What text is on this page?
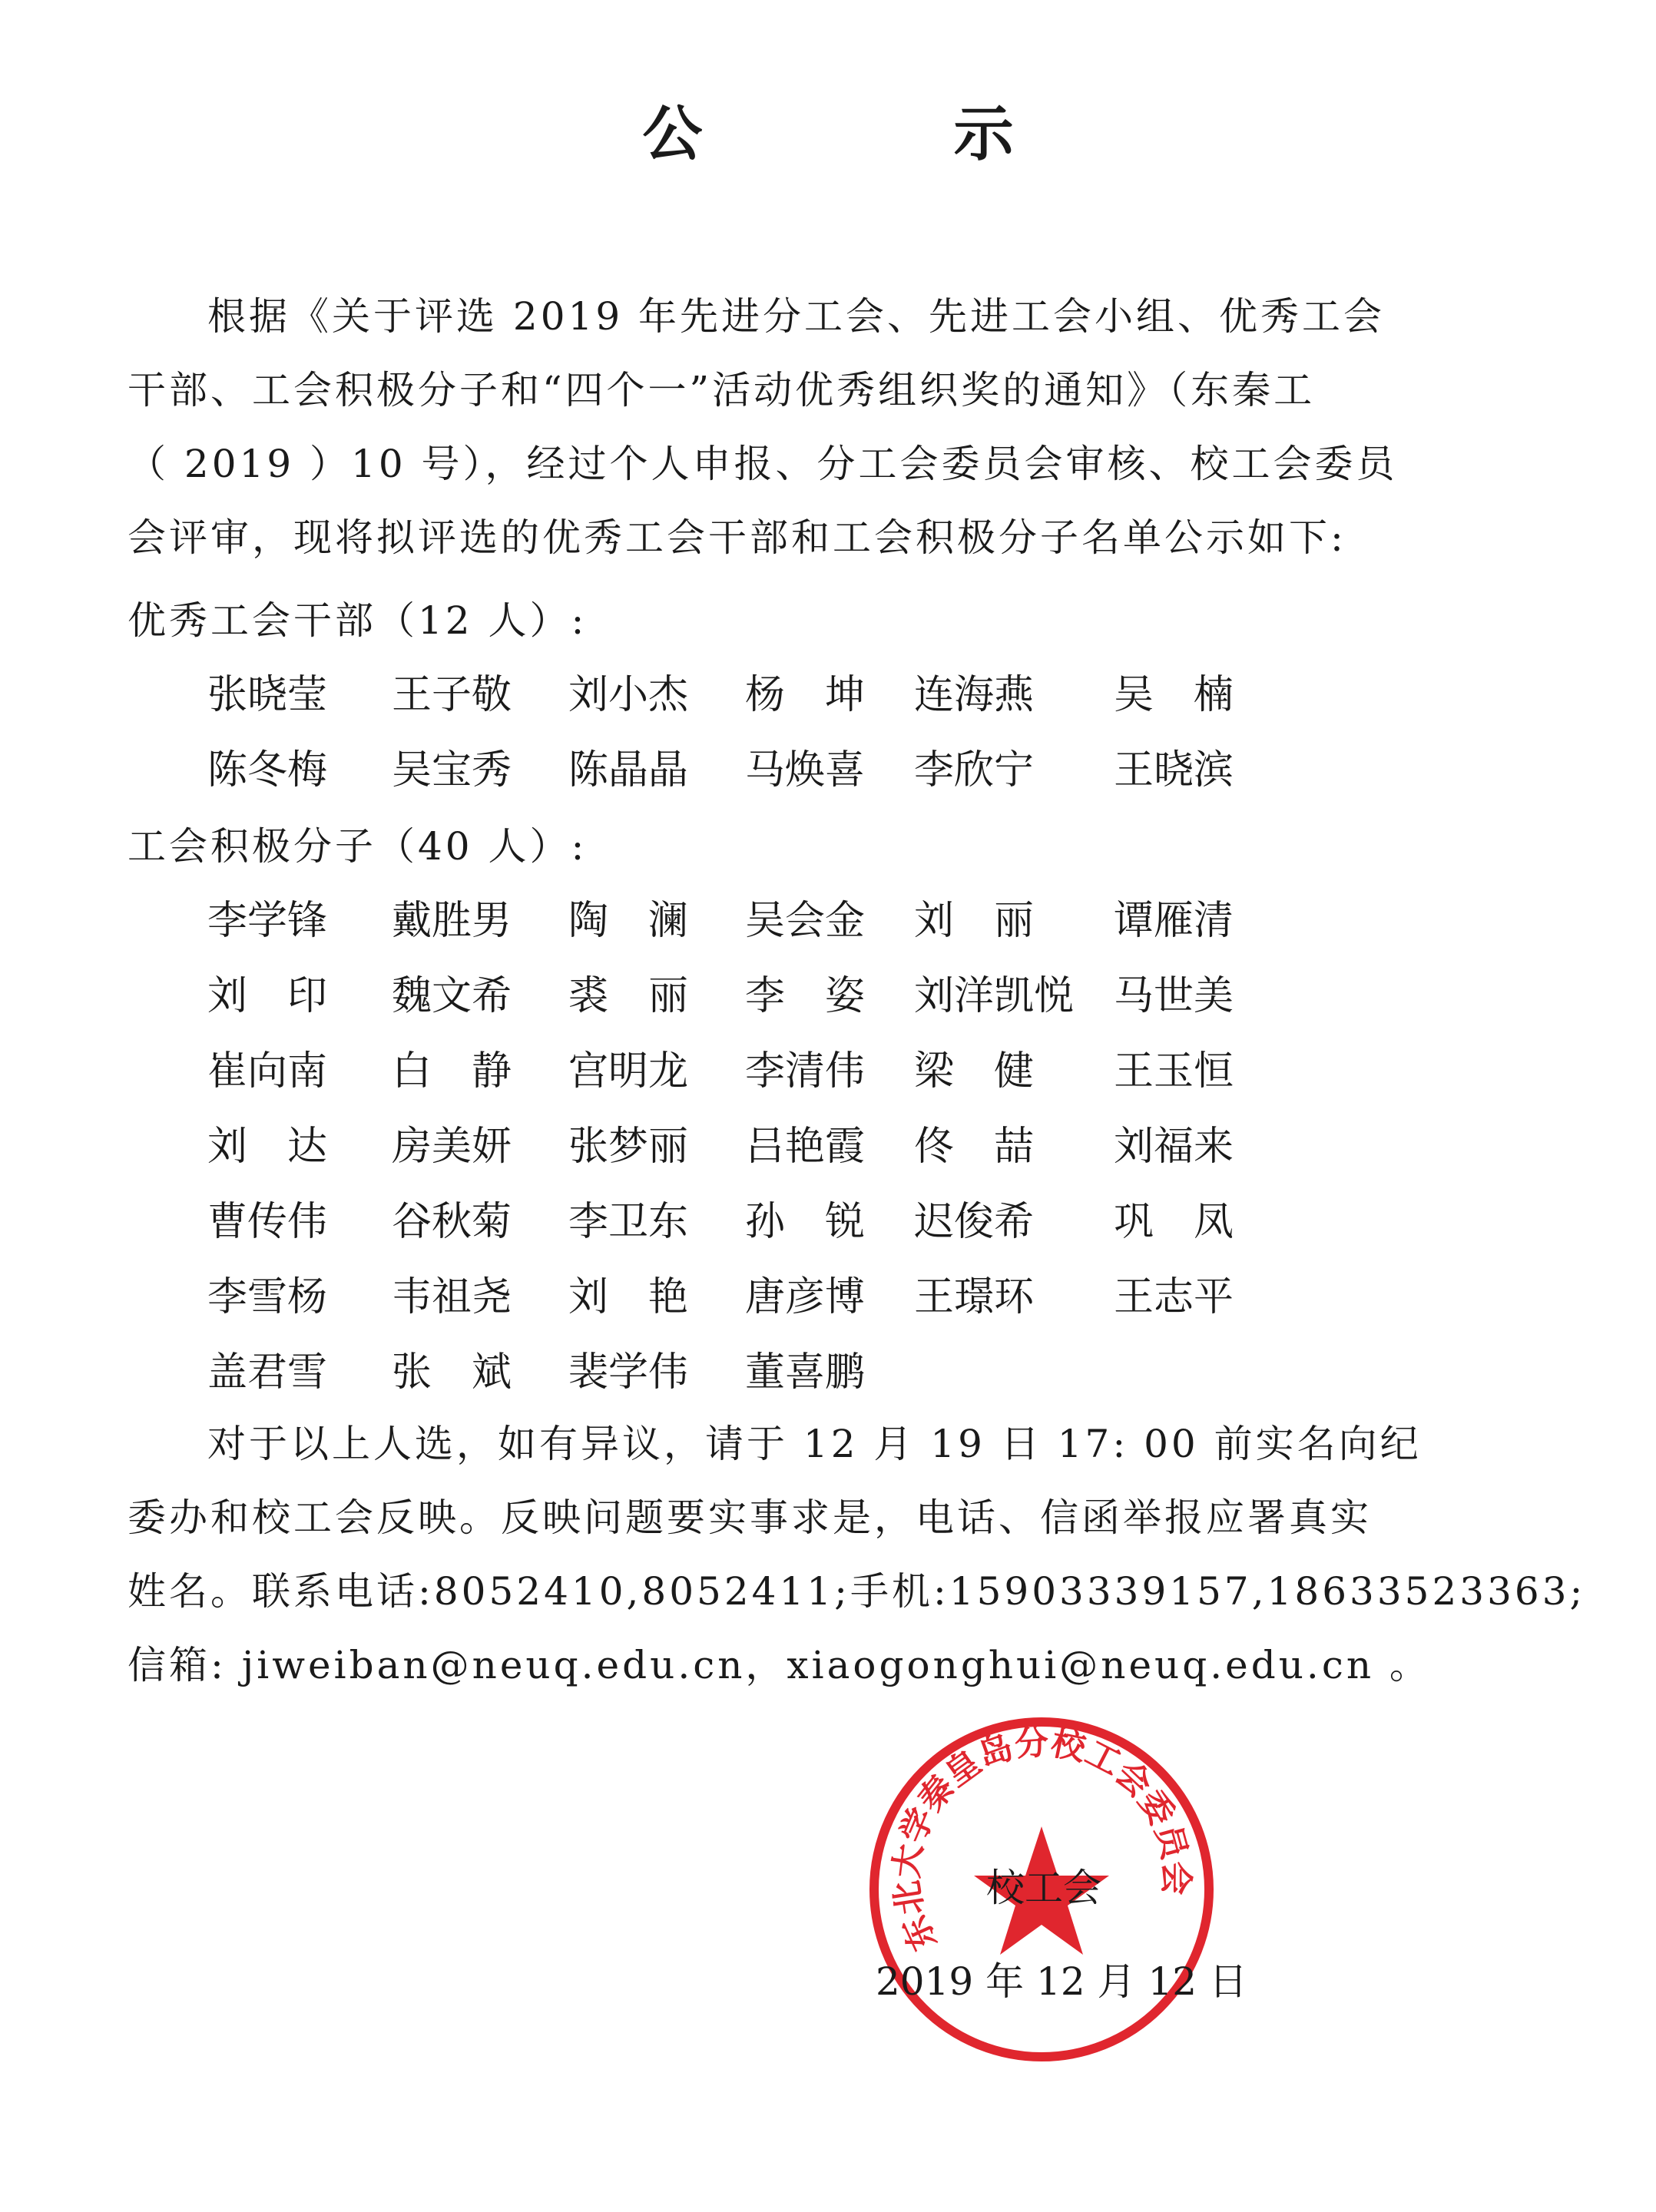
公 示
根据《关于评选 2019 年先进分工会、先进工会小组、优秀工会
干部、工会积极分子和“四个一”活动优秀组织奖的通知》（东秦工
（ 2019 ）10 号），经过个人申报、分工会委员会审核、校工会委员
会评审，现将拟评选的优秀工会干部和工会积极分子名单公示如下:
优秀工会干部（12 人）:
张晓莹 王子敬 刘小杰 杨　坤 连海燕 吴　楠
陈冬梅 吴宝秀 陈晶晶 马焕喜 李欣宁 王晓滨
工会积极分子（40 人）:
李学锋 戴胜男 陶　澜 吴会金 刘　丽 谭雁清
刘　印 魏文希 裘　丽 李　姿 刘洋凯悦 马世美
崔向南 白　静 宫明龙 李清伟 梁　健 王玉恒
刘　达 房美妍 张梦丽 吕艳霞 佟　喆 刘福来
曹传伟 谷秋菊 李卫东 孙　锐 迟俊希 巩　凤
李雪杨 韦祖尧 刘　艳 唐彦博 王璟环 王志平
盖君雪 张　斌 裴学伟 董喜鹏
对于以上人选，如有异议，请于 12 月 19 日 17: 00 前实名向纪
委办和校工会反映。反映问题要实事求是，电话、信函举报应署真实
姓名。联系电话:8052410,8052411;手机:15903339157,18633523363;
信箱: jiweiban@neuq.edu.cn，xiaogonghui@neuq.edu.cn 。
东北大学秦皇岛分校工会委员会
校工会
2019 年 12 月 12 日
